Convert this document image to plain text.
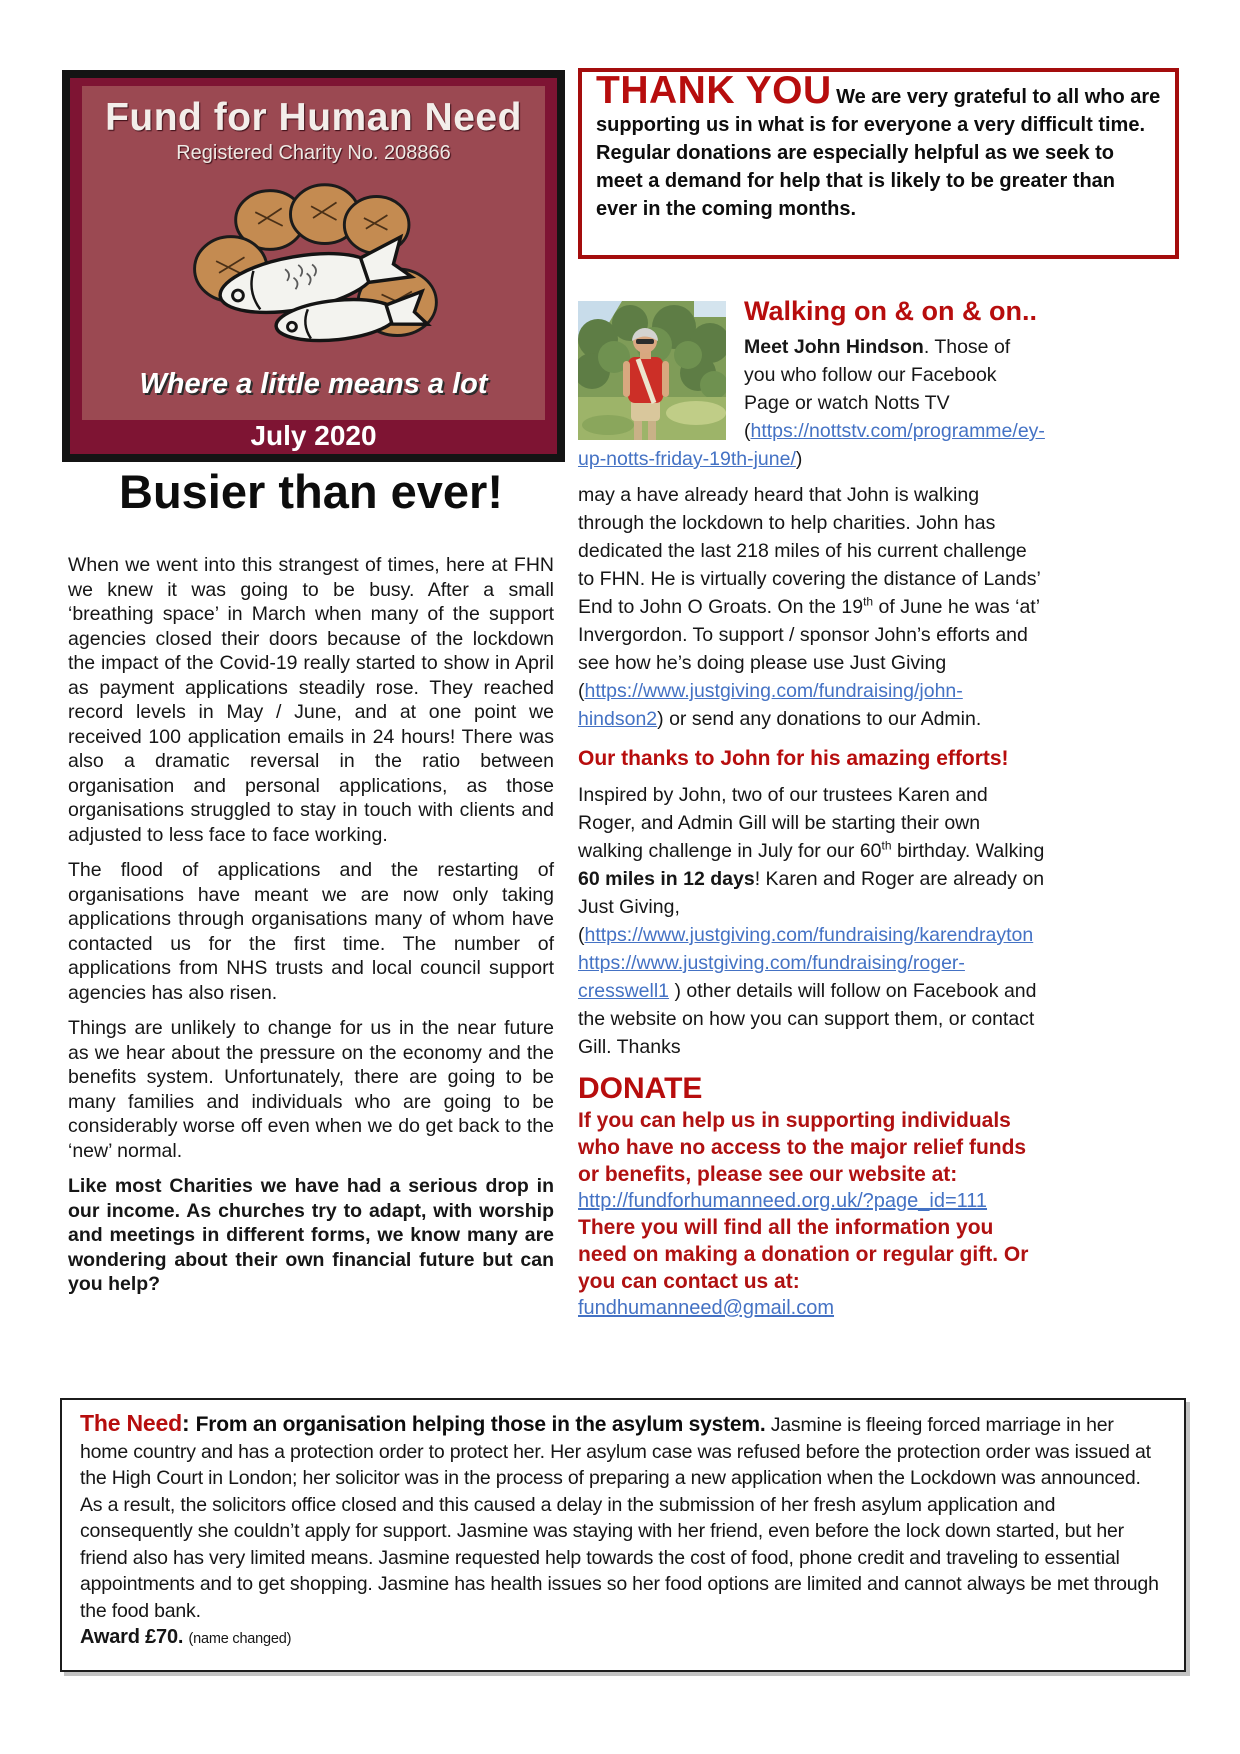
Fund for Human Need
Registered Charity No. 208866
Where a little means a lot
July 2020

THANK YOU We are very grateful to all who are supporting us in what is for everyone a very difficult time. Regular donations are especially helpful as we seek to meet a demand for help that is likely to be greater than ever in the coming months.

Busier than ever!

When we went into this strangest of times, here at FHN we knew it was going to be busy. After a small ‘breathing space’ in March when many of the support agencies closed their doors because of the lockdown the impact of the Covid-19 really started to show in April as payment applications steadily rose. They reached record levels in May / June, and at one point we received 100 application emails in 24 hours! There was also a dramatic reversal in the ratio between organisation and personal applications, as those organisations struggled to stay in touch with clients and adjusted to less face to face working.

The flood of applications and the restarting of organisations have meant we are now only taking applications through organisations many of whom have contacted us for the first time. The number of applications from NHS trusts and local council support agencies has also risen.

Things are unlikely to change for us in the near future as we hear about the pressure on the economy and the benefits system. Unfortunately, there are going to be many families and individuals who are going to be considerably worse off even when we do get back to the ‘new’ normal.

Like most Charities we have had a serious drop in our income. As churches try to adapt, with worship and meetings in different forms, we know many are wondering about their own financial future but can you help?

Walking on & on & on..

Meet John Hindson. Those of you who follow our Facebook Page or watch Notts TV (https://nottstv.com/programme/ey-up-notts-friday-19th-june/)

may a have already heard that John is walking through the lockdown to help charities. John has dedicated the last 218 miles of his current challenge to FHN. He is virtually covering the distance of Lands’ End to John O Groats. On the 19th of June he was ‘at’ Invergordon. To support / sponsor John’s efforts and see how he’s doing please use Just Giving (https://www.justgiving.com/fundraising/john-hindson2) or send any donations to our Admin.

Our thanks to John for his amazing efforts!

Inspired by John, two of our trustees Karen and Roger, and Admin Gill will be starting their own walking challenge in July for our 60th birthday. Walking 60 miles in 12 days! Karen and Roger are already on Just Giving, (https://www.justgiving.com/fundraising/karendrayton https://www.justgiving.com/fundraising/roger-cresswell1 ) other details will follow on Facebook and the website on how you can support them, or contact Gill. Thanks

DONATE
If you can help us in supporting individuals who have no access to the major relief funds or benefits, please see our website at:
http://fundforhumanneed.org.uk/?page_id=111
There you will find all the information you need on making a donation or regular gift. Or you can contact us at:
fundhumanneed@gmail.com

The Need: From an organisation helping those in the asylum system. Jasmine is fleeing forced marriage in her home country and has a protection order to protect her. Her asylum case was refused before the protection order was issued at the High Court in London; her solicitor was in the process of preparing a new application when the Lockdown was announced. As a result, the solicitors office closed and this caused a delay in the submission of her fresh asylum application and consequently she couldn’t apply for support. Jasmine was staying with her friend, even before the lock down started, but her friend also has very limited means. Jasmine requested help towards the cost of food, phone credit and traveling to essential appointments and to get shopping. Jasmine has health issues so her food options are limited and cannot always be met through the food bank.

Award £70. (name changed)
